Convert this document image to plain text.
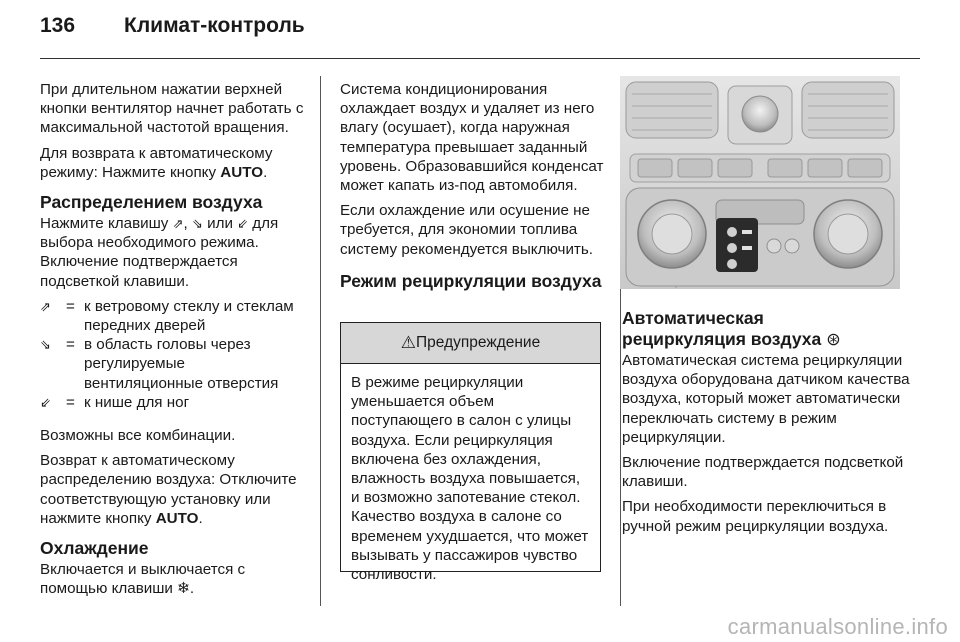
136 Климат-контроль

При длительном нажатии верхней кнопки вентилятор начнет работать с максимальной частотой вращения.

Для возврата к автоматическому режиму: Нажмите кнопку AUTO.

Распределением воздуха

Нажмите клавишу ⇗, ⇘ или ⇙ для выбора необходимого режима.

Включение подтверждается подсветкой клавиши.

⇗ = к ветровому стеклу и стеклам передних дверей
⇘ = в область головы через регулируемые вентиляционные отверстия
⇙ = к нише для ног

Возможны все комбинации.

Возврат к автоматическому распределению воздуха: Отключите соответствующую установку или нажмите кнопку AUTO.

Охлаждение

Включается и выключается с помощью клавиши ❄.

Система кондиционирования охлаждает воздух и удаляет из него влагу (осушает), когда наружная температура превышает заданный уровень. Образовавшийся конденсат может капать из-под автомобиля.

Если охлаждение или осушение не требуется, для экономии топлива систему рекомендуется выключить.

Режим рециркуляции воздуха
⚠ Предупреждение
В режиме рециркуляции уменьшается объем поступающего в салон с улицы воздуха. Если рециркуляция включена без охлаждения, влажность воздуха повышается, и возможно запотевание стекол. Качество воздуха в салоне со временем ухудшается, что может вызывать у пассажиров чувство сонливости.
Автоматическая рециркуляция воздуха ⊛

Автоматическая система рециркуляции воздуха оборудована датчиком качества воздуха, который может автоматически переключать систему в режим рециркуляции.

Включение подтверждается подсветкой клавиши.

При необходимости переключиться в ручной режим рециркуляции воздуха.

carmanualsonline.info
